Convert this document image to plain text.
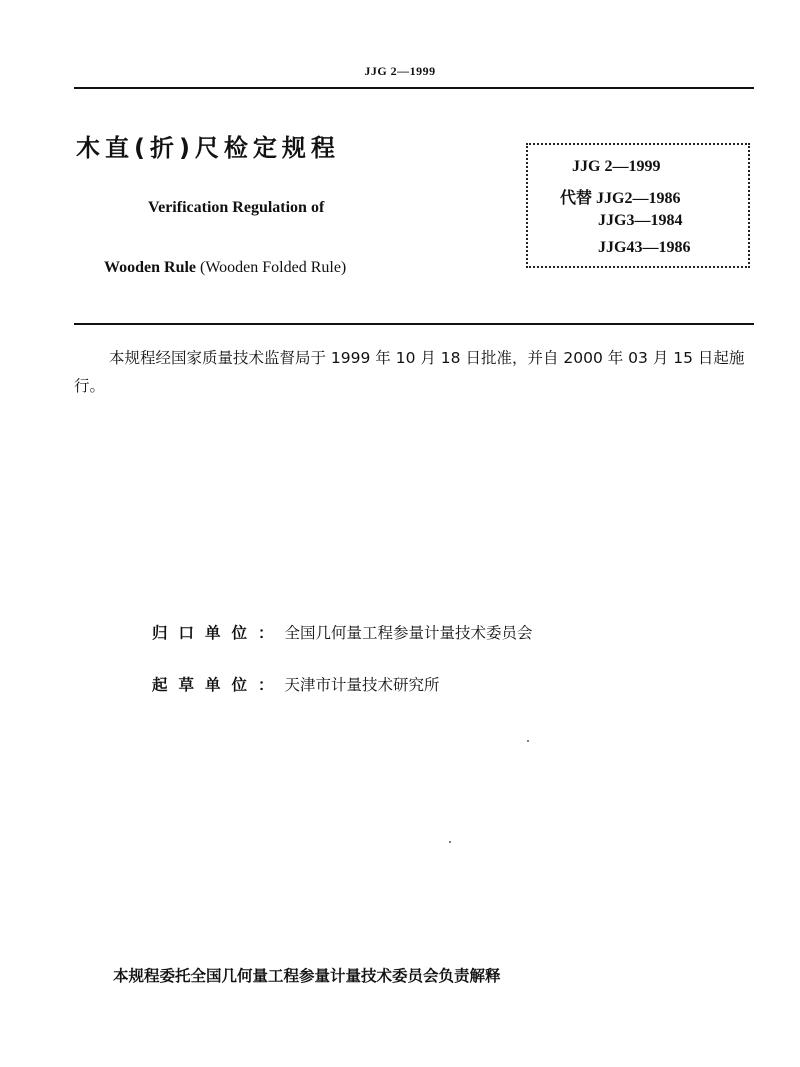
JJG 2—1999
木直(折)尺检定规程
Verification Regulation of
Wooden Rule (Wooden Folded Rule)
JJG 2—1999
代替 JJG2—1986
JJG3—1984
JJG43—1986
本规程经国家质量技术监督局于 1999 年 10 月 18 日批准，并自 2000 年 03 月 15 日起施行。
归口单位：全国几何量工程参量计量技术委员会
起草单位：天津市计量技术研究所
本规程委托全国几何量工程参量计量技术委员会负责解释
